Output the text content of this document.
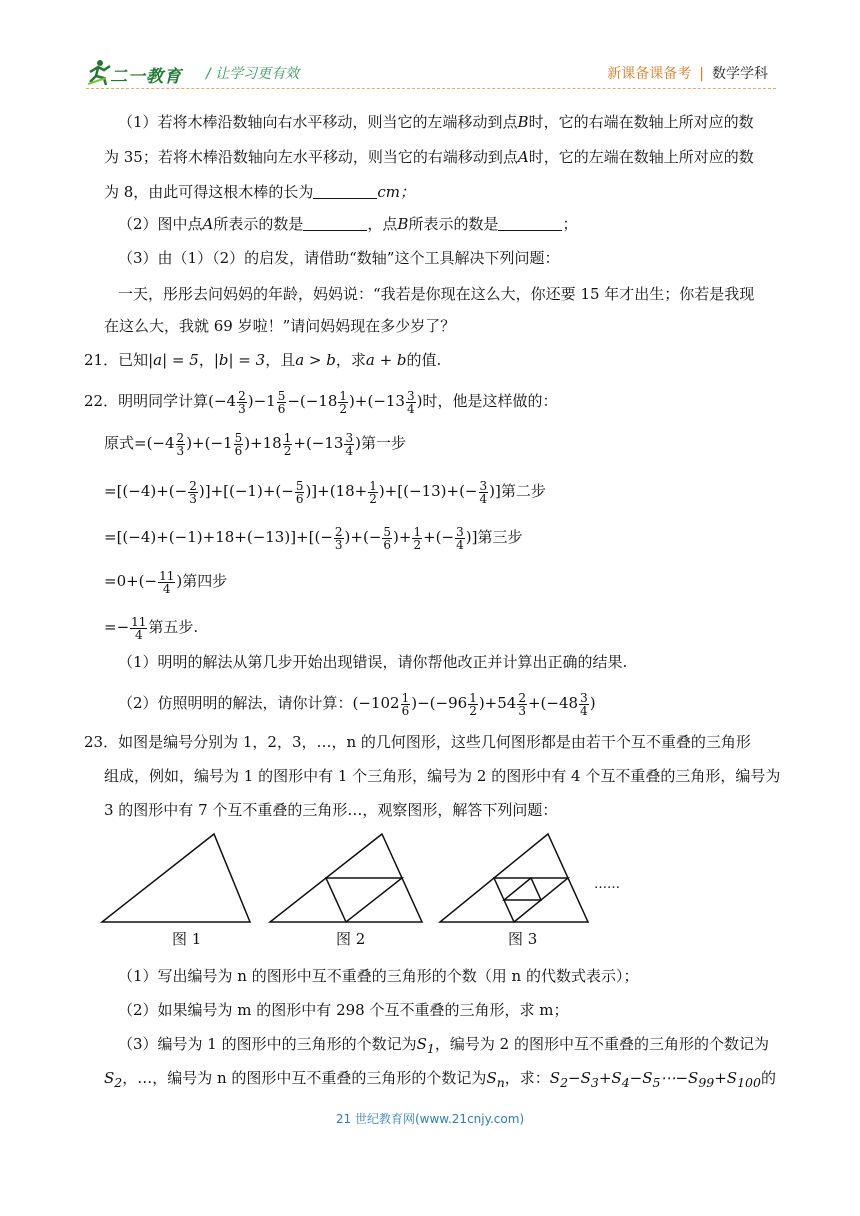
二一教育 / 让学习更有效	新课备课备考 | 数学学科
（1）若将木棒沿数轴向右水平移动，则当它的左端移动到点B时，它的右端在数轴上所对应的数
为 35；若将木棒沿数轴向左水平移动，则当它的右端移动到点A时，它的左端在数轴上所对应的数
为 8，由此可得这根木棒的长为	cm；
（2）图中点A所表示的数是	，点B所表示的数是	；
（3）由（1）（2）的启发，请借助“数轴”这个工具解决下列问题：
一天，彤彤去问妈妈的年龄，妈妈说：“我若是你现在这么大，你还要 15 年才出生；你若是我现
在这么大，我就 69 岁啦！”请问妈妈现在多少岁了？
21．已知|a| = 5，|b| = 3，且a > b，求a + b的值.
22．明明同学计算$(-4 \frac{2}{3} )-1 \frac{5}{6} -(-18 \frac{1}{2} )+(-13 \frac{3}{4}$ )时，他是这样做的：
原式$=(-4 \frac{2}{3} )+(-1 \frac{5}{6} )+18 \frac{1}{2} +(-13 \frac{3}{4}$ )第一步
$=[(-4)+(- \frac{2}{3} )]+[(-1)+(- \frac{5}{6} )]+(18+ \frac{1}{2} )+[(-13)+(- \frac{3}{4}$ )]第二步
$=[(-4)+(-1)+18+(-13)]+[(- \frac{2}{3}$ )+(− $\frac{5}{6}$ )+ $\frac{1}{2}$ +(− $\frac{3}{4}$ )]第三步
$=0+(- \frac{11}{4}$ )第四步
=− $\frac{11}{4}$ 第五步.
（1）明明的解法从第几步开始出现错误，请你帮他改正并计算出正确的结果.
（2）仿照明明的解法，请你计算：$(-102 \frac{1}{6} )-(-96 \frac{1}{2} )+54 \frac{2}{3} +(-48 \frac{3}{4}$ )
23．如图是编号分别为 1，2，3，…，n 的几何图形，这些几何图形都是由若干个互不重叠的三角形
组成，例如，编号为 1 的图形中有 1 个三角形，编号为 2 的图形中有 4 个互不重叠的三角形，编号为
3 的图形中有 7 个互不重叠的三角形…，观察图形，解答下列问题：
……
图 1	图 2	图 3
（1）写出编号为 n 的图形中互不重叠的三角形的个数（用 n 的代数式表示）；
（2）如果编号为 m 的图形中有 298 个互不重叠的三角形，求 m；
（3）编号为 1 的图形中的三角形的个数记为$S_1$，编号为 2 的图形中互不重叠的三角形的个数记为
$S_2$，…，编号为 n 的图形中互不重叠的三角形的个数记为$S_n$，求：$S_2-S_3+S_4-S_5\cdots-S_{99}+S_{100}$的
21 世纪教育网(www.21cnjy.com)
